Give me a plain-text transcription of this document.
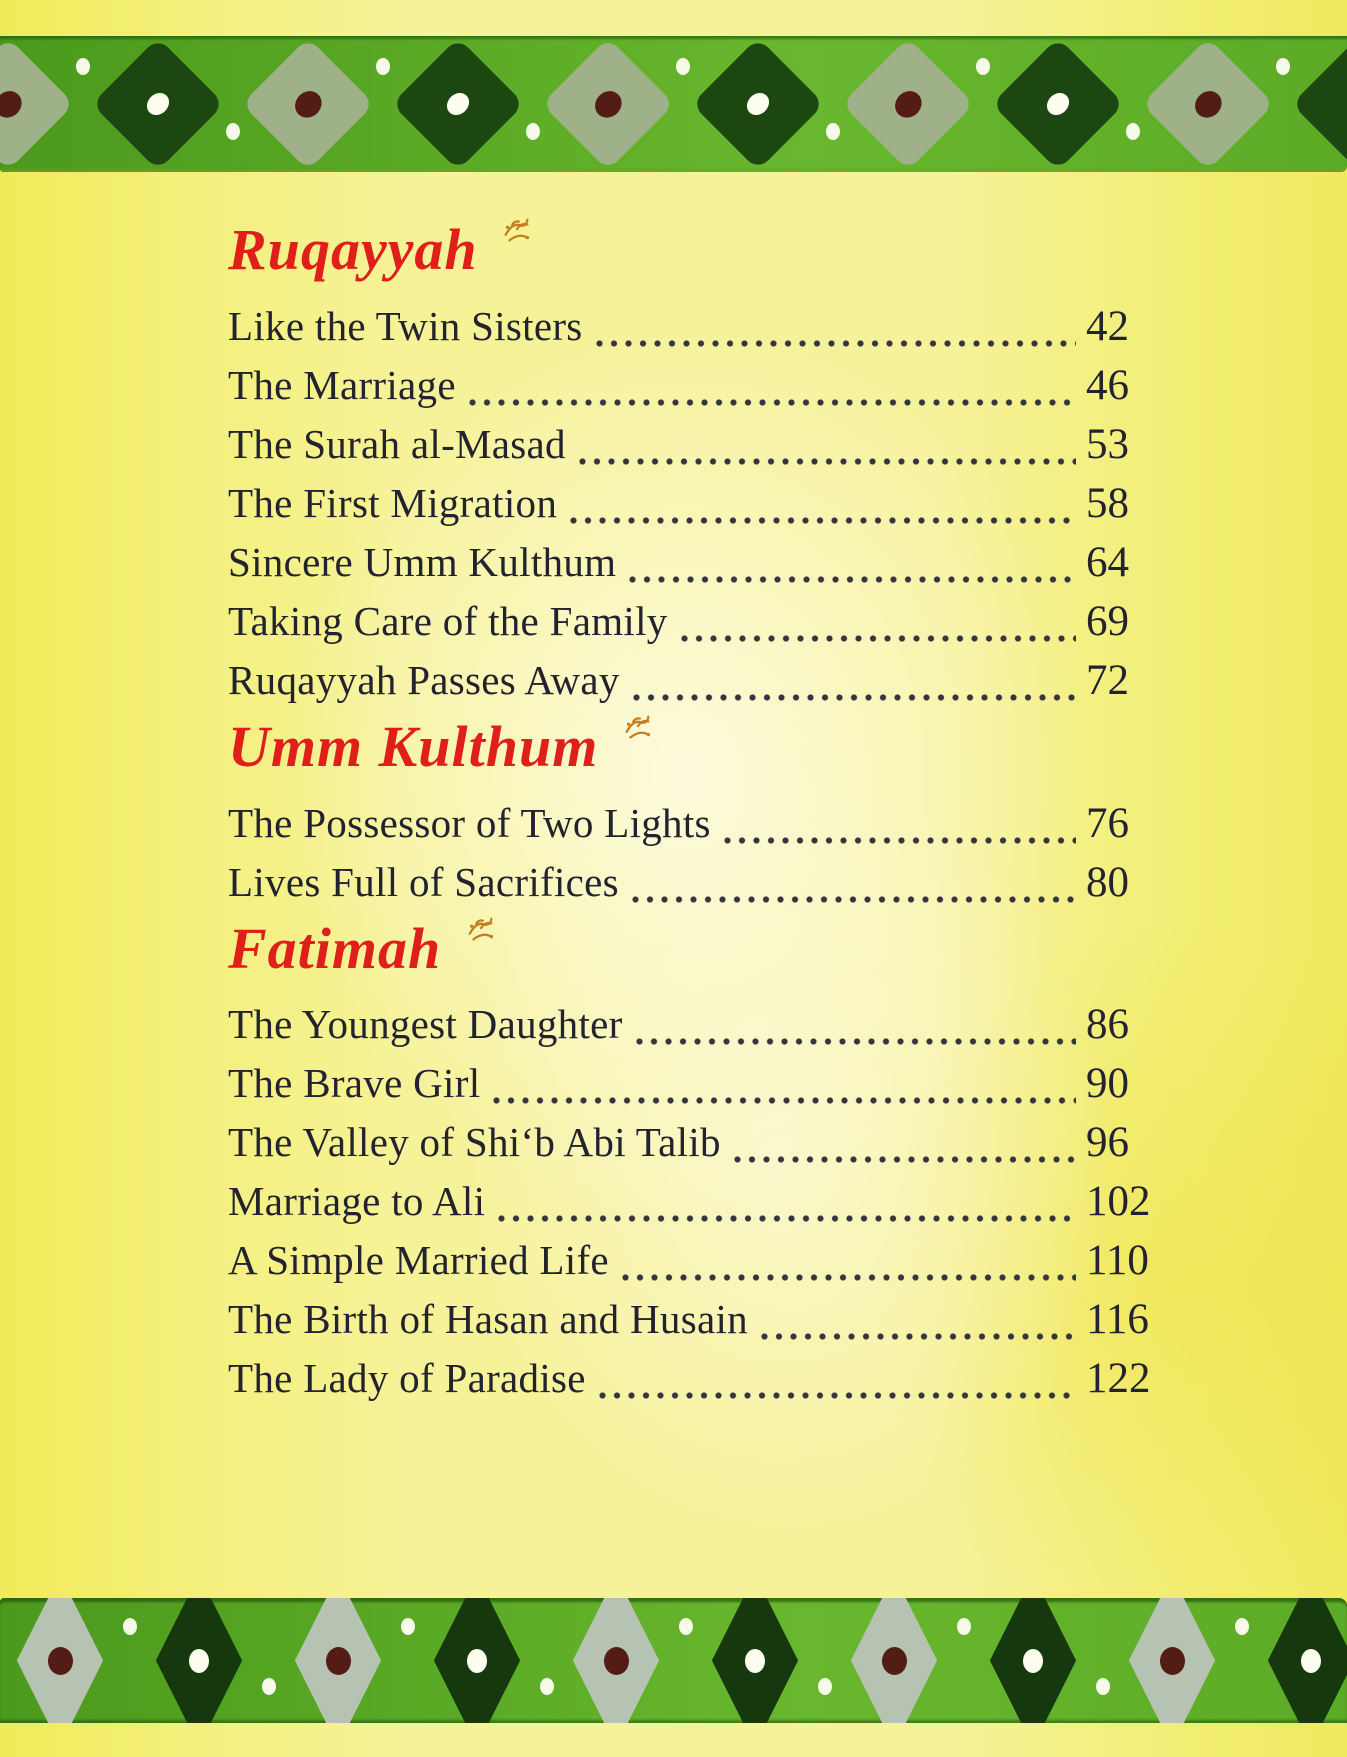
Ruqayyah
Like the Twin Sisters	42
The Marriage	46
The Surah al-Masad	53
The First Migration	58
Sincere Umm Kulthum	64
Taking Care of the Family	69
Ruqayyah Passes Away	72
Umm Kulthum
The Possessor of Two Lights	76
Lives Full of Sacrifices	80
Fatimah
The Youngest Daughter	86
The Brave Girl	90
The Valley of Shi‘b Abi Talib	96
Marriage to Ali	102
A Simple Married Life	110
The Birth of Hasan and Husain	116
The Lady of Paradise	122
